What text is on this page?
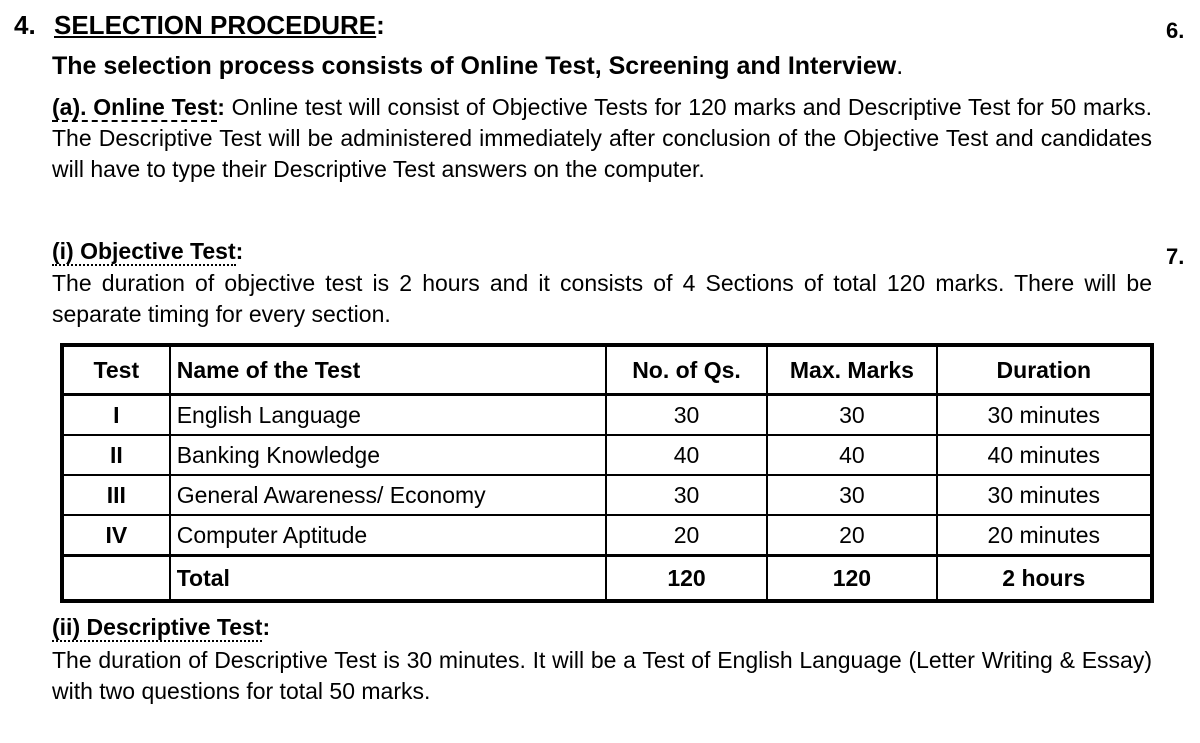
4. SELECTION PROCEDURE:	6.
7.
The selection process consists of Online Test, Screening and Interview.
(a). Online Test: Online test will consist of Objective Tests for 120 marks and Descriptive Test for 50 marks. The Descriptive Test will be administered immediately after conclusion of the Objective Test and candidates will have to type their Descriptive Test answers on the computer.
(i) Objective Test:
The duration of objective test is 2 hours and it consists of 4 Sections of total 120 marks. There will be separate timing for every section.
Test	Name of the Test	No. of Qs.	Max. Marks	Duration
I	English Language	30	30	30 minutes
II	Banking Knowledge	40	40	40 minutes
III	General Awareness/ Economy	30	30	30 minutes
IV	Computer Aptitude	20	20	20 minutes
	Total	120	120	2 hours
(ii) Descriptive Test:
The duration of Descriptive Test is 30 minutes. It will be a Test of English Language (Letter Writing & Essay) with two questions for total 50 marks.
